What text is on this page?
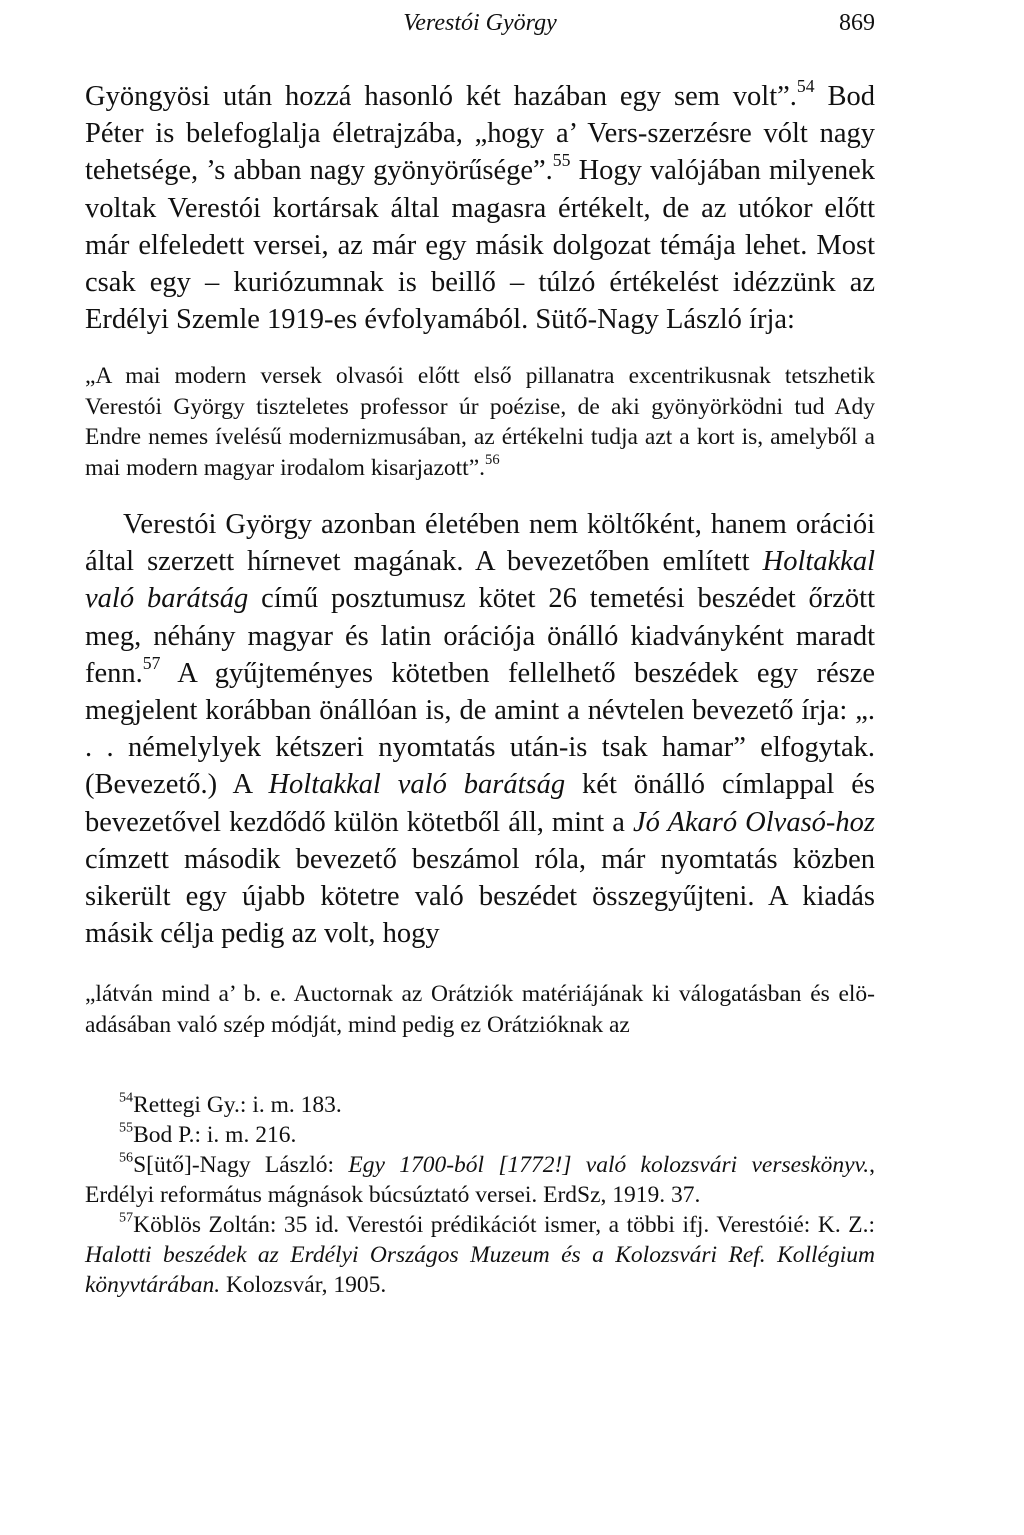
Verestói György	869

Gyöngyösi után hozzá hasonló két hazában egy sem volt”.$^{54}$ Bod Péter is belefoglalja életrajzába, „hogy a’ Vers-szerzésre vólt nagy tehetsége, ’s abban nagy gyönyörűsége”.$^{55}$ Hogy valójában milyenek voltak Verestói kortársak által magasra értékelt, de az utókor előtt már elfeledett versei, az már egy másik dolgozat témája lehet. Most csak egy – kuriózumnak is beillő – túlzó értékelést idézzünk az Erdélyi Szemle 1919-es évfolyamából. Sütő-Nagy László írja:

„A mai modern versek olvasói előtt első pillanatra excentrikusnak tetszhetik Verestói György tiszteletes professor úr poézise, de aki gyönyörködni tud Ady Endre nemes ívelésű modernizmusában, az értékelni tudja azt a kort is, amelyből a mai modern magyar irodalom kisarjazott”.$^{56}$

Verestói György azonban életében nem költőként, hanem orációi által szerzett hírnevet magának. A bevezetőben említett Holtakkal való barátság című posztumusz kötet 26 temetési beszédet őrzött meg, néhány magyar és latin orációja önálló kiadványként maradt fenn.$^{57}$ A gyűjteményes kötetben fellelhető beszédek egy része megjelent korábban önállóan is, de amint a névtelen bevezető írja: „. . . némelylyek kétszeri nyomtatás után-is tsak hamar” elfogytak. (Bevezető.) A Holtakkal való barátság két önálló címlappal és bevezetővel kezdődő külön kötetből áll, mint a Jó Akaró Olvasó-hoz címzett második bevezető beszámol róla, már nyomtatás közben sikerült egy újabb kötetre való beszédet összegyűjteni. A kiadás másik célja pedig az volt, hogy

„látván mind a’ b. e. Auctornak az Orátziók matériájának ki válogatásban és elö-adásában való szép módját, mind pedig ez Orátzióknak az

$^{54}$Rettegi Gy.: i. m. 183.

$^{55}$Bod P.: i. m. 216.

$^{56}$S[ütő]-Nagy László: Egy 1700-ból [1772!] való kolozsvári verseskönyv., Erdélyi református mágnások búcsúztató versei. ErdSz, 1919. 37.

$^{57}$Köblös Zoltán: 35 id. Verestói prédikációt ismer, a többi ifj. Verestóié: K. Z.: Halotti beszédek az Erdélyi Országos Muzeum és a Kolozsvári Ref. Kollégium könyvtárában. Kolozsvár, 1905.
